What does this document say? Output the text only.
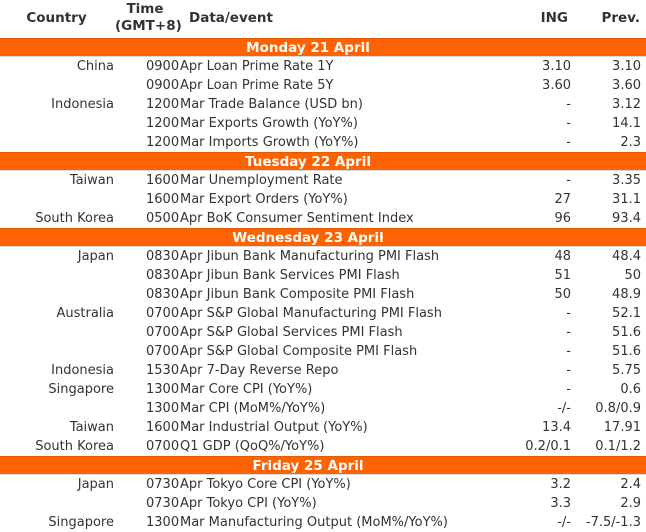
Country
Time (GMT+8) Data/event	ING Prev.
Monday 21 April
China 0900 Apr Loan Prime Rate 1Y	3.10	3.10
0900 Apr Loan Prime Rate 5Y	3.60	3.60
Indonesia 1200 Mar Trade Balance (USD bn)	-	3.12
1200 Mar Exports Growth (YoY%)	-	14.1
1200 Mar Imports Growth (YoY%)	-	2.3
Tuesday 22 April
Taiwan 1600 Mar Unemployment Rate	-	3.35
1600 Mar Export Orders (YoY%)	27	31.1
South Korea 0500 Apr BoK Consumer Sentiment Index	96	93.4
Wednesday 23 April
Japan 0830 Apr Jibun Bank Manufacturing PMI Flash	48	48.4
0830 Apr Jibun Bank Services PMI Flash	51	50
0830 Apr Jibun Bank Composite PMI Flash	50	48.9
Australia 0700 Apr S&P Global Manufacturing PMI Flash	-	52.1
0700 Apr S&P Global Services PMI Flash	-	51.6
0700 Apr S&P Global Composite PMI Flash	-	51.6
Indonesia 1530 Apr 7-Day Reverse Repo	-	5.75
Singapore 1300 Mar Core CPI (YoY%)	-	0.6
1300 Mar CPI (MoM%/YoY%)	-/- 0.8/0.9
Taiwan 1600 Mar Industrial Output (YoY%)	13.4	17.91
South Korea 0700 Q1 GDP (QoQ%/YoY%)	0.2/0.1 0.1/1.2
Friday 25 April
Japan 0730 Apr Tokyo Core CPI (YoY%)	3.2	2.4
0730 Apr Tokyo CPI (YoY%)	3.3	2.9
Singapore 1300 Mar Manufacturing Output (MoM%/YoY%)	-/- -7.5/-1.3
